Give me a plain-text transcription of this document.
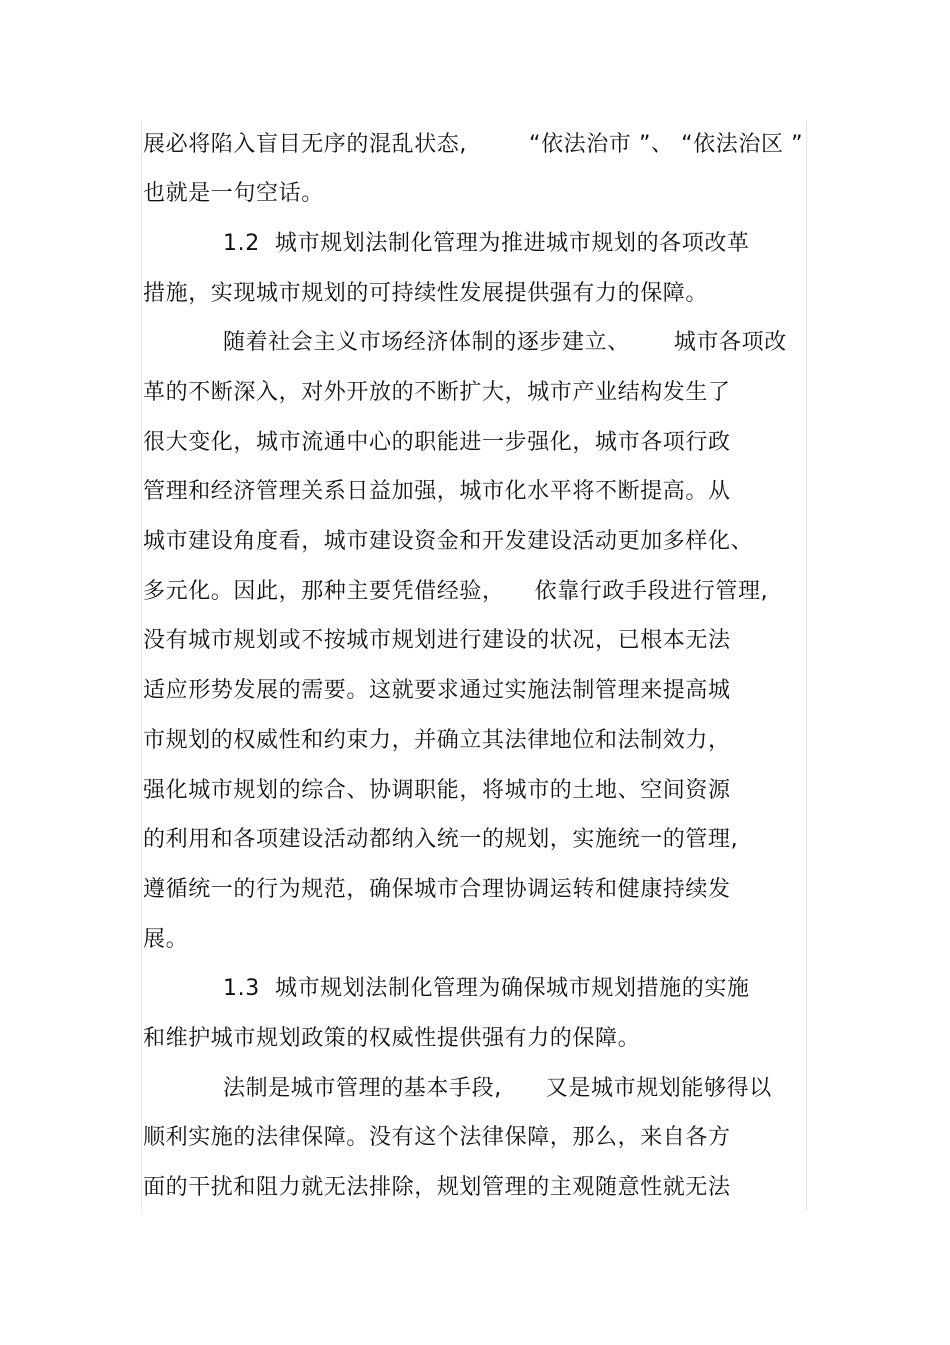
展必将陷入盲目无序的混乱状态,	“依法治市 ”、 “依法治区 ”
也就是一句空话。
1.2  城市规划法制化管理为推进城市规划的各项改革
措施，实现城市规划的可持续性发展提供强有力的保障。
随着社会主义市场经济体制的逐步建立、 城市各项改
革的不断深入，对外开放的不断扩大，城市产业结构发生了
很大变化，城市流通中心的职能进一步强化，城市各项行政
管理和经济管理关系日益加强，城市化水平将不断提高。从
城市建设角度看，城市建设资金和开发建设活动更加多样化、
多元化。因此，那种主要凭借经验， 依靠行政手段进行管理,
没有城市规划或不按城市规划进行建设的状况，已根本无法
适应形势发展的需要。这就要求通过实施法制管理来提高城
市规划的权威性和约束力，并确立其法律地位和法制效力，
强化城市规划的综合、协调职能，将城市的土地、空间资源
的利用和各项建设活动都纳入统一的规划，实施统一的管理,
遵循统一的行为规范，确保城市合理协调运转和健康持续发
展。
1.3  城市规划法制化管理为确保城市规划措施的实施
和维护城市规划政策的权威性提供强有力的保障。
法制是城市管理的基本手段, 又是城市规划能够得以
顺利实施的法律保障。没有这个法律保障，那么，来自各方
面的干扰和阻力就无法排除，规划管理的主观随意性就无法
